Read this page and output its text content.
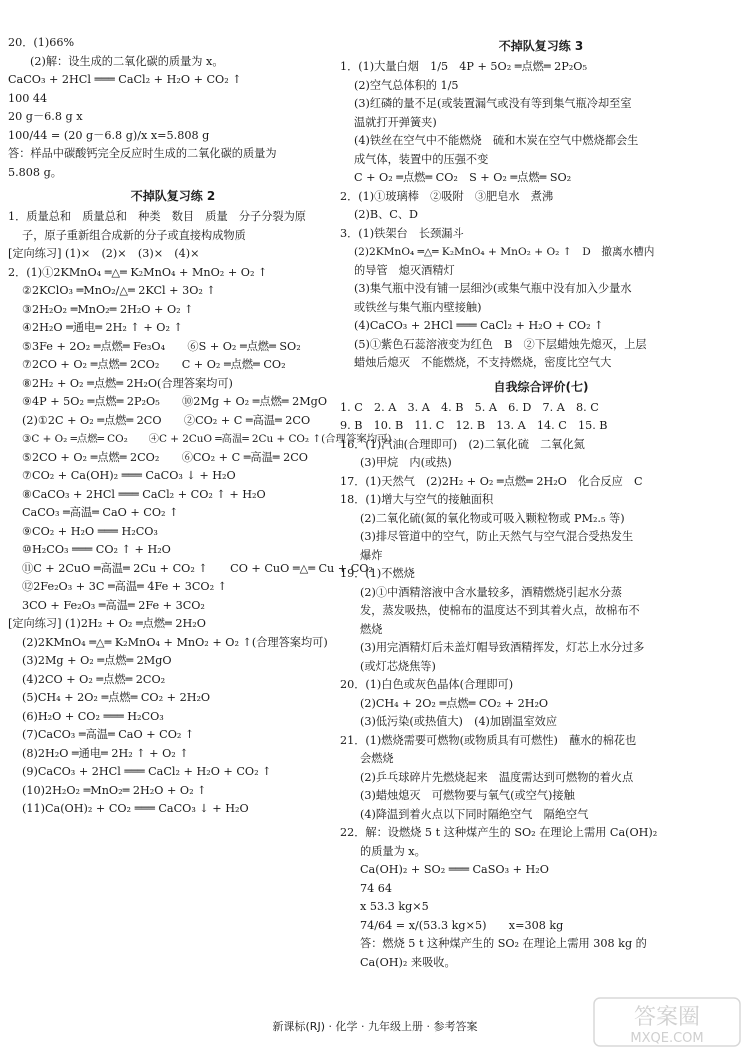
20．(1)66%

(2)解：设生成的二氧化碳的质量为 x。

CaCO₃ + 2HCl ═══ CaCl₂ + H₂O + CO₂ ↑

100 44

20 g－6.8 g x

100/44 = (20 g－6.8 g)/x x=5.808 g

答：样品中碳酸钙完全反应时生成的二氧化碳的质量为

5.808 g。

不掉队复习练 2

1．质量总和　质量总和　种类　数目　质量　分子分裂为原

子，原子重新组合成新的分子或直接构成物质

[定向练习] (1)×　(2)×　(3)×　(4)×

2．(1)①2KMnO₄ ═△═ K₂MnO₄ + MnO₂ + O₂ ↑

②2KClO₃ ═MnO₂/△═ 2KCl + 3O₂ ↑

③2H₂O₂ ═MnO₂═ 2H₂O + O₂ ↑

④2H₂O ═通电═ 2H₂ ↑ + O₂ ↑

⑤3Fe + 2O₂ ═点燃═ Fe₃O₄　　⑥S + O₂ ═点燃═ SO₂

⑦2CO + O₂ ═点燃═ 2CO₂　　C + O₂ ═点燃═ CO₂

⑧2H₂ + O₂ ═点燃═ 2H₂O(合理答案均可)

⑨4P + 5O₂ ═点燃═ 2P₂O₅　　⑩2Mg + O₂ ═点燃═ 2MgO

(2)①2C + O₂ ═点燃═ 2CO　　②CO₂ + C ═高温═ 2CO

③C + O₂ ═点燃═ CO₂　　④C + 2CuO ═高温═ 2Cu + CO₂ ↑(合理答案均可)

⑤2CO + O₂ ═点燃═ 2CO₂　　⑥CO₂ + C ═高温═ 2CO

⑦CO₂ + Ca(OH)₂ ═══ CaCO₃ ↓ + H₂O

⑧CaCO₃ + 2HCl ═══ CaCl₂ + CO₂ ↑ + H₂O

CaCO₃ ═高温═ CaO + CO₂ ↑

⑨CO₂ + H₂O ═══ H₂CO₃

⑩H₂CO₃ ═══ CO₂ ↑ + H₂O

⑪C + 2CuO ═高温═ 2Cu + CO₂ ↑　　CO + CuO ═△═ Cu + CO₂

⑫2Fe₂O₃ + 3C ═高温═ 4Fe + 3CO₂ ↑

3CO + Fe₂O₃ ═高温═ 2Fe + 3CO₂

[定向练习] (1)2H₂ + O₂ ═点燃═ 2H₂O

(2)2KMnO₄ ═△═ K₂MnO₄ + MnO₂ + O₂ ↑(合理答案均可)

(3)2Mg + O₂ ═点燃═ 2MgO

(4)2CO + O₂ ═点燃═ 2CO₂

(5)CH₄ + 2O₂ ═点燃═ CO₂ + 2H₂O

(6)H₂O + CO₂ ═══ H₂CO₃

(7)CaCO₃ ═高温═ CaO + CO₂ ↑

(8)2H₂O ═通电═ 2H₂ ↑ + O₂ ↑

(9)CaCO₃ + 2HCl ═══ CaCl₂ + H₂O + CO₂ ↑

(10)2H₂O₂ ═MnO₂═ 2H₂O + O₂ ↑

(11)Ca(OH)₂ + CO₂ ═══ CaCO₃ ↓ + H₂O

不掉队复习练 3

1．(1)大量白烟　1/5　4P + 5O₂ ═点燃═ 2P₂O₅

(2)空气总体积的 1/5

(3)红磷的量不足(或装置漏气或没有等到集气瓶冷却至室

温就打开弹簧夹)

(4)铁丝在空气中不能燃烧　硫和木炭在空气中燃烧都会生

成气体，装置中的压强不变

C + O₂ ═点燃═ CO₂　S + O₂ ═点燃═ SO₂

2．(1)①玻璃棒　②吸附　③肥皂水　煮沸

(2)B、C、D

3．(1)铁架台　长颈漏斗

(2)2KMnO₄ ═△═ K₂MnO₄ + MnO₂ + O₂ ↑　D　撤离水槽内

的导管　熄灭酒精灯

(3)集气瓶中没有铺一层细沙(或集气瓶中没有加入少量水

或铁丝与集气瓶内壁接触)

(4)CaCO₃ + 2HCl ═══ CaCl₂ + H₂O + CO₂ ↑

(5)①紫色石蕊溶液变为红色　B　②下层蜡烛先熄灭，上层

蜡烛后熄灭　不能燃烧，不支持燃烧，密度比空气大

自我综合评价(七)

1. C　2. A　3. A　4. B　5. A　6. D　7. A　8. C

9. B　10. B　11. C　12. B　13. A　14. C　15. B

16．(1)汽油(合理即可)　(2)二氧化硫　二氧化氮

(3)甲烷　内(或热)

17．(1)天然气　(2)2H₂ + O₂ ═点燃═ 2H₂O　化合反应　C

18．(1)增大与空气的接触面积

(2)二氧化硫(氮的氧化物或可吸入颗粒物或 PM₂.₅ 等)

(3)排尽管道中的空气，防止天然气与空气混合受热发生

爆炸

19．(1)不燃烧

(2)①中酒精溶液中含水量较多，酒精燃烧引起水分蒸

发，蒸发吸热，使棉布的温度达不到其着火点，故棉布不

燃烧

(3)用完酒精灯后未盖灯帽导致酒精挥发，灯芯上水分过多

(或灯芯烧焦等)

20．(1)白色或灰色晶体(合理即可)

(2)CH₄ + 2O₂ ═点燃═ CO₂ + 2H₂O

(3)低污染(或热值大)　(4)加剧温室效应

21．(1)燃烧需要可燃物(或物质具有可燃性)　蘸水的棉花也

会燃烧

(2)乒乓球碎片先燃烧起来　温度需达到可燃物的着火点

(3)蜡烛熄灭　可燃物要与氧气(或空气)接触

(4)降温到着火点以下同时隔绝空气　隔绝空气

22．解：设燃烧 5 t 这种煤产生的 SO₂ 在理论上需用 Ca(OH)₂

的质量为 x。

Ca(OH)₂ + SO₂ ═══ CaSO₃ + H₂O

74 64

x 53.3 kg×5

74/64 = x/(53.3 kg×5)　　x=308 kg

答：燃烧 5 t 这种煤产生的 SO₂ 在理论上需用 308 kg 的

Ca(OH)₂ 来吸收。

新课标(RJ) · 化学 · 九年级上册 · 参考答案	答案圈
MXQE.COM
